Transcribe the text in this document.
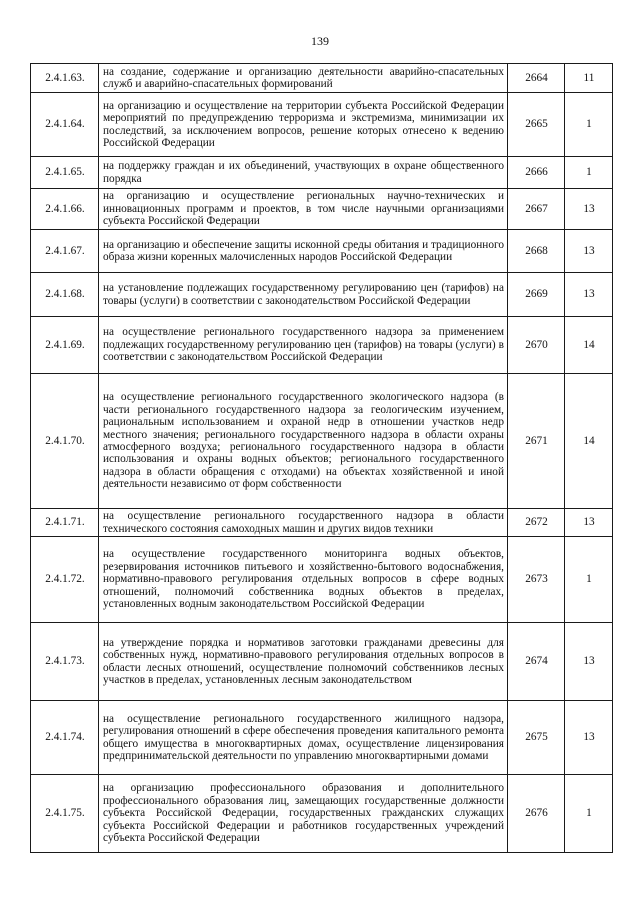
139
2.4.1.63.	на создание, содержание и организацию деятельности аварийно-спасательных служб и аварийно-спасательных формирований	2664	11
2.4.1.64.	на организацию и осуществление на территории субъекта Российской Федерации мероприятий по предупреждению терроризма и экстремизма, минимизации их последствий, за исключением вопросов, решение которых отнесено к ведению Российской Федерации	2665	1
2.4.1.65.	на поддержку граждан и их объединений, участвующих в охране общественного порядка	2666	1
2.4.1.66.	на организацию и осуществление региональных научно-технических и инновационных программ и проектов, в том числе научными организациями субъекта Российской Федерации	2667	13
2.4.1.67.	на организацию и обеспечение защиты исконной среды обитания и традиционного образа жизни коренных малочисленных народов Российской Федерации	2668	13
2.4.1.68.	на установление подлежащих государственному регулированию цен (тарифов) на товары (услуги) в соответствии с законодательством Российской Федерации	2669	13
2.4.1.69.	на осуществление регионального государственного надзора за применением подлежащих государственному регулированию цен (тарифов) на товары (услуги) в соответствии с законодательством Российской Федерации	2670	14
2.4.1.70.	на осуществление регионального государственного экологического надзора (в части регионального государственного надзора за геологическим изучением, рациональным использованием и охраной недр в отношении участков недр местного значения; регионального государственного надзора в области охраны атмосферного воздуха; регионального государственного надзора в области использования и охраны водных объектов; регионального государственного надзора в области обращения с отходами) на объектах хозяйственной и иной деятельности независимо от форм собственности	2671	14
2.4.1.71.	на осуществление регионального государственного надзора в области технического состояния самоходных машин и других видов техники	2672	13
2.4.1.72.	на осуществление государственного мониторинга водных объектов, резервирования источников питьевого и хозяйственно-бытового водоснабжения, нормативно-правового регулирования отдельных вопросов в сфере водных отношений, полномочий собственника водных объектов в пределах, установленных водным законодательством Российской Федерации	2673	1
2.4.1.73.	на утверждение порядка и нормативов заготовки гражданами древесины для собственных нужд, нормативно-правового регулирования отдельных вопросов в области лесных отношений, осуществление полномочий собственников лесных участков в пределах, установленных лесным законодательством	2674	13
2.4.1.74.	на осуществление регионального государственного жилищного надзора, регулирования отношений в сфере обеспечения проведения капитального ремонта общего имущества в многоквартирных домах, осуществление лицензирования предпринимательской деятельности по управлению многоквартирными домами	2675	13
2.4.1.75.	на организацию профессионального образования и дополнительного профессионального образования лиц, замещающих государственные должности субъекта Российской Федерации, государственных гражданских служащих субъекта Российской Федерации и работников государственных учреждений субъекта Российской Федерации	2676	1
